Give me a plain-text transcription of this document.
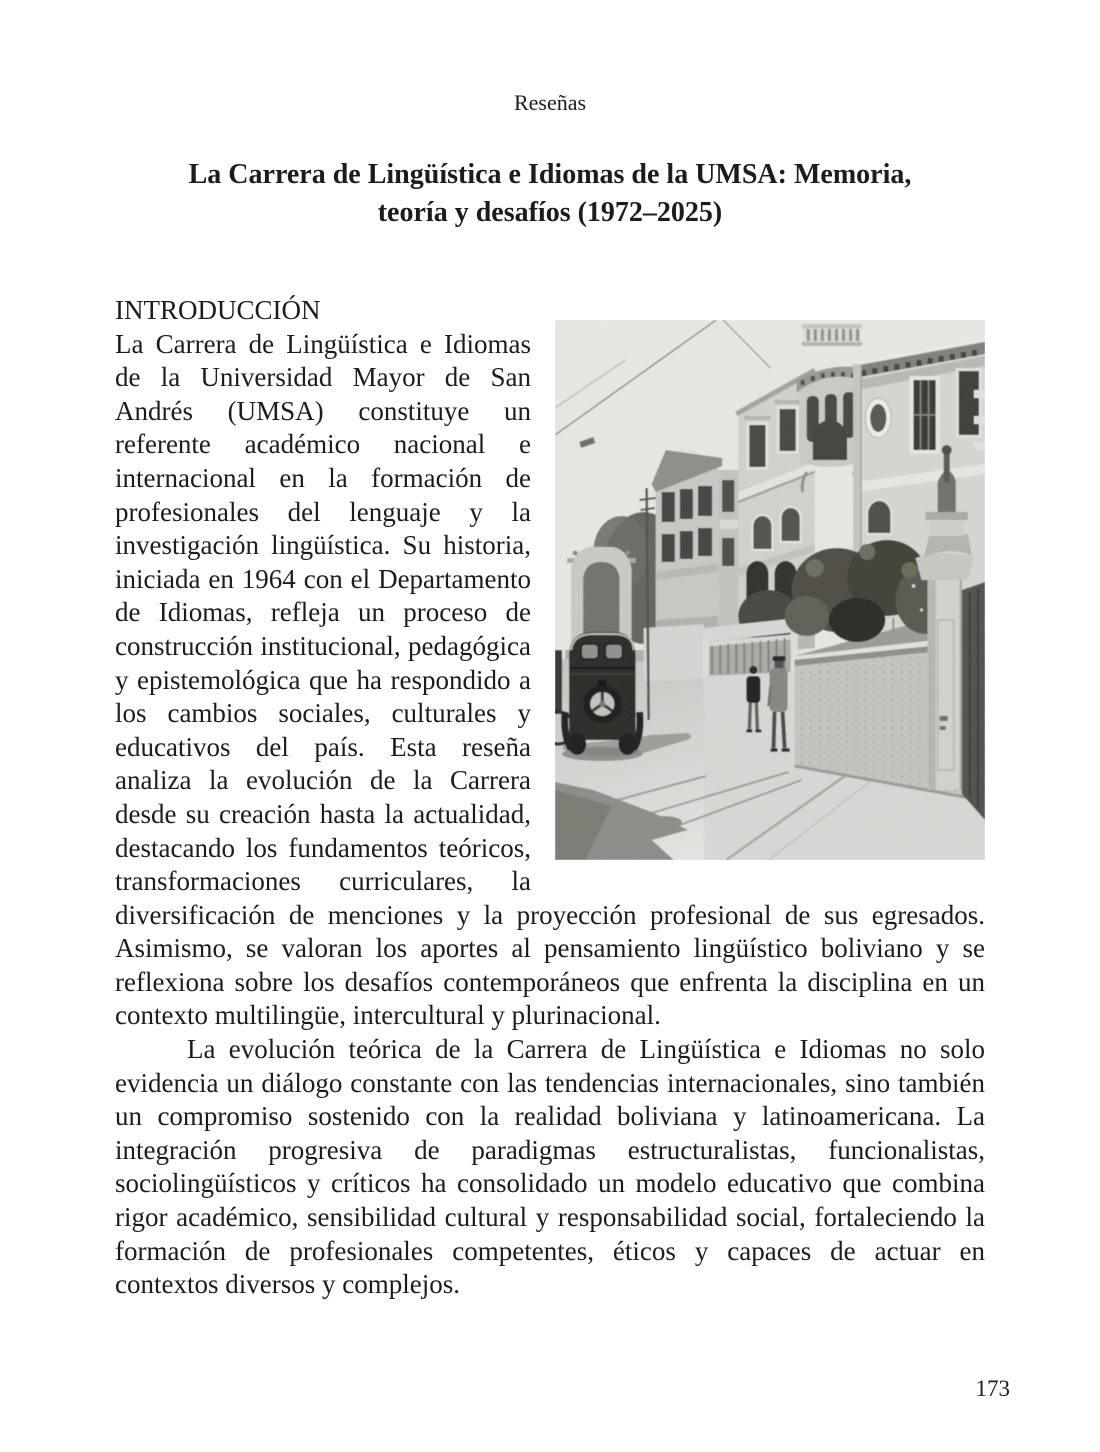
Reseñas
La Carrera de Lingüística e Idiomas de la UMSA: Memoria,
teoría y desafíos (1972–2025)
INTRODUCCIÓN

La Carrera de Lingüística e Idiomas de la Universidad Mayor de San Andrés (UMSA) constituye un referente académico nacional e internacional en la formación de profesionales del lenguaje y la investigación lingüística. Su historia, iniciada en 1964 con el Departamento de Idiomas, refleja un proceso de construcción institucional, pedagógica y epistemológica que ha respondido a los cambios sociales, culturales y educativos del país. Esta reseña analiza la evolución de la Carrera desde su creación hasta la actualidad, destacando los fundamentos teóricos, transformaciones curriculares, la diversificación de menciones y la proyección profesional de sus egresados. Asimismo, se valoran los aportes al pensamiento lingüístico boliviano y se reflexiona sobre los desafíos contemporáneos que enfrenta la disciplina en un contexto multilingüe, intercultural y plurinacional.

La evolución teórica de la Carrera de Lingüística e Idiomas no solo evidencia un diálogo constante con las tendencias internacionales, sino también un compromiso sostenido con la realidad boliviana y latinoamericana. La integración progresiva de paradigmas estructuralistas, funcionalistas, sociolingüísticos y críticos ha consolidado un modelo educativo que combina rigor académico, sensibilidad cultural y responsabilidad social, fortaleciendo la formación de profesionales competentes, éticos y capaces de actuar en contextos diversos y complejos.

173
